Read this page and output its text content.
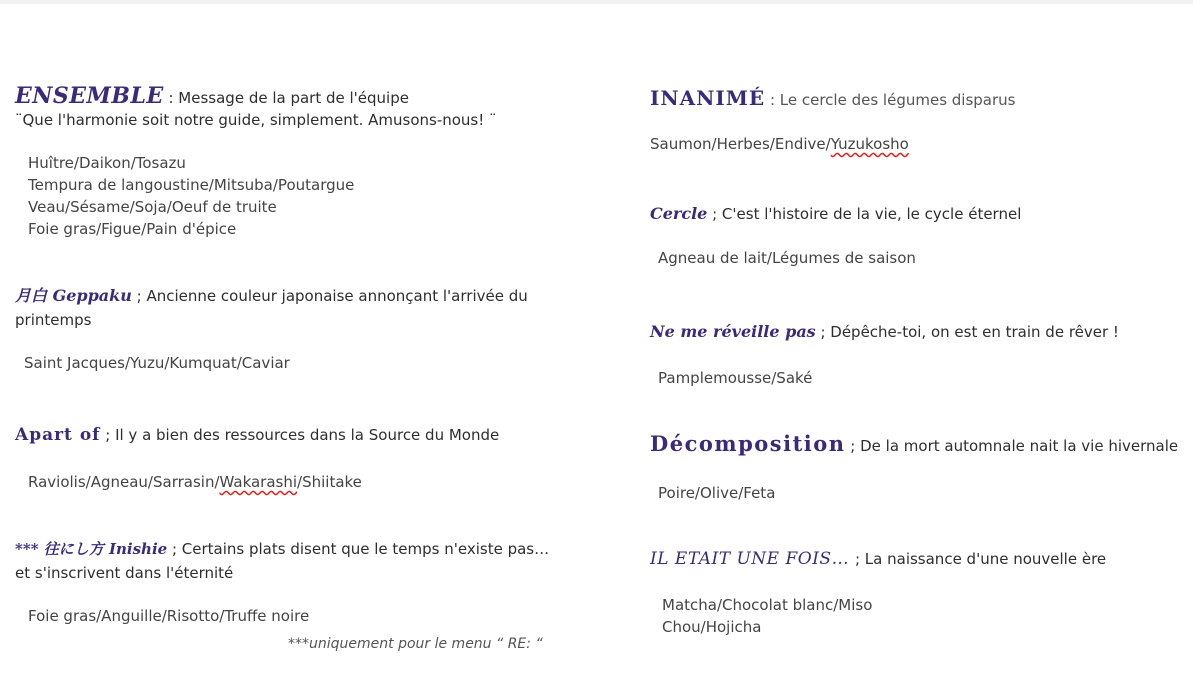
ENSEMBLE : Message de la part de l'équipe
¨Que l'harmonie soit notre guide, simplement. Amusons-nous! ¨
Huître/Daikon/Tosazu
Tempura de langoustine/Mitsuba/Poutargue
Veau/Sésame/Soja/Oeuf de truite
Foie gras/Figue/Pain d'épice
月白 Geppaku ; Ancienne couleur japonaise annonçant l'arrivée du printemps
Saint Jacques/Yuzu/Kumquat/Caviar
Apart of ; Il y a bien des ressources dans la Source du Monde
Raviolis/Agneau/Sarrasin/Wakarashi/Shiitake
*** 往にし方 Inishie ; Certains plats disent que le temps n'existe pas… et s'inscrivent dans l'éternité
Foie gras/Anguille/Risotto/Truffe noire
***uniquement pour le menu “ RE: “
INANIMÉ : Le cercle des légumes disparus
Saumon/Herbes/Endive/Yuzukosho
Cercle ; C'est l'histoire de la vie, le cycle éternel
Agneau de lait/Légumes de saison
Ne me réveille pas ; Dépêche-toi, on est en train de rêver !
Pamplemousse/Saké
Décomposition ; De la mort automnale nait la vie hivernale
Poire/Olive/Feta
IL ETAIT UNE FOIS… ; La naissance d'une nouvelle ère
Matcha/Chocolat blanc/Miso
Chou/Hojicha
